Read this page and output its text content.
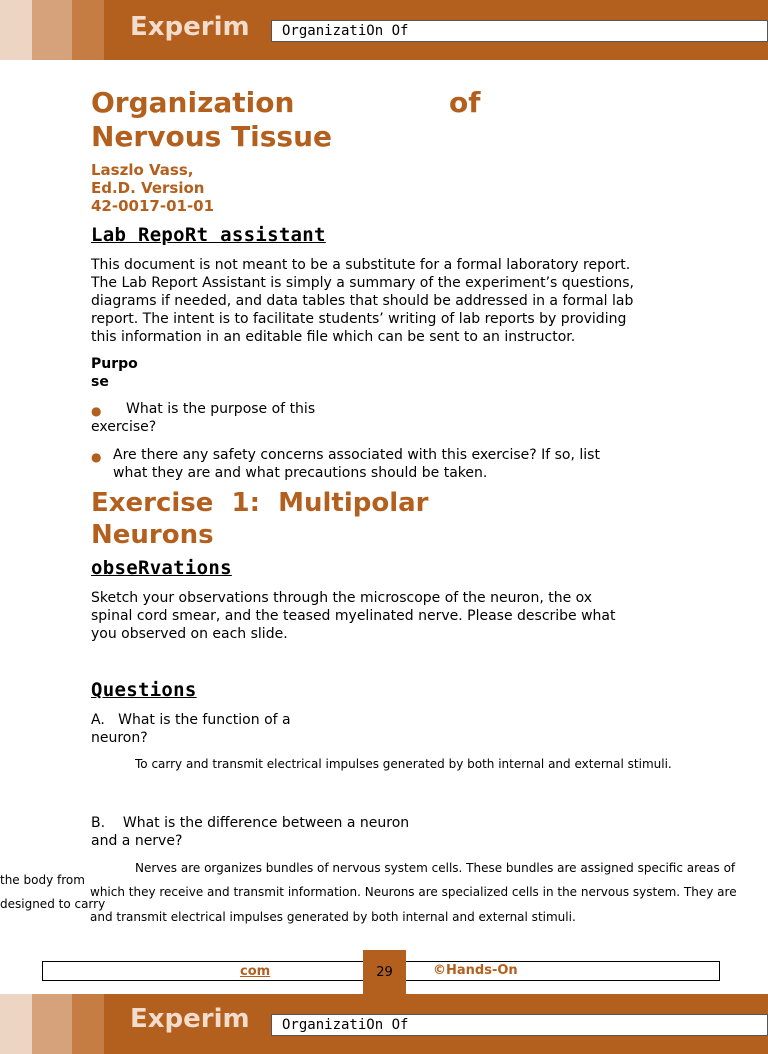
Experim	OrganizatiOn Of
Organization	of
Nervous Tissue
Laszlo Vass,
Ed.D. Version
42-0017-01-01
Lab RepoRt assistant
This document is not meant to be a substitute for a formal laboratory report.
The Lab Report Assistant is simply a summary of the experiment’s questions,
diagrams if needed, and data tables that should be addressed in a formal lab
report. The intent is to facilitate students’ writing of lab reports by providing
this information in an editable file which can be sent to an instructor.
Purpo
se
● What is the purpose of this
exercise?
● Are there any safety concerns associated with this exercise? If so, list
what they are and what precautions should be taken.
Exercise  1:  Multipolar
Neurons
obseRvations
Sketch your observations through the microscope of the neuron, the ox
spinal cord smear, and the teased myelinated nerve. Please describe what
you observed on each slide.
Questions
A.   What is the function of a
neuron?
To carry and transmit electrical impulses generated by both internal and external stimuli.
B.    What is the difference between a neuron
and a nerve?
Nerves are organizes bundles of nervous system cells. These bundles are assigned specific areas of
the body from
which they receive and transmit information. Neurons are specialized cells in the nervous system. They are
designed to carry
and transmit electrical impulses generated by both internal and external stimuli.
com	29	©Hands-On
Experim	OrganizatiOn Of
